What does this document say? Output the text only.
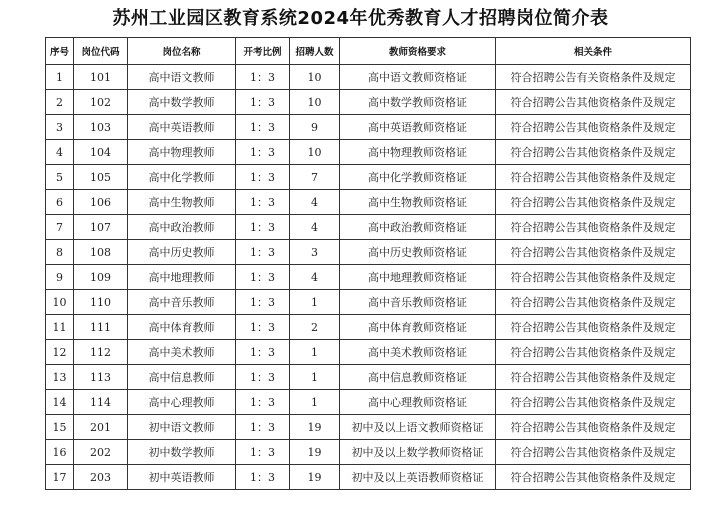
苏州工业园区教育系统2024年优秀教育人才招聘岗位简介表
序号	岗位代码	岗位名称	开考比例	招聘人数	教师资格要求	相关条件
1	101	高中语文教师	1：3	10	高中语文教师资格证	符合招聘公告有关资格条件及规定
2	102	高中数学教师	1：3	10	高中数学教师资格证	符合招聘公告其他资格条件及规定
3	103	高中英语教师	1：3	9	高中英语教师资格证	符合招聘公告其他资格条件及规定
4	104	高中物理教师	1：3	10	高中物理教师资格证	符合招聘公告其他资格条件及规定
5	105	高中化学教师	1：3	7	高中化学教师资格证	符合招聘公告其他资格条件及规定
6	106	高中生物教师	1：3	4	高中生物教师资格证	符合招聘公告其他资格条件及规定
7	107	高中政治教师	1：3	4	高中政治教师资格证	符合招聘公告其他资格条件及规定
8	108	高中历史教师	1：3	3	高中历史教师资格证	符合招聘公告其他资格条件及规定
9	109	高中地理教师	1：3	4	高中地理教师资格证	符合招聘公告其他资格条件及规定
10	110	高中音乐教师	1：3	1	高中音乐教师资格证	符合招聘公告其他资格条件及规定
11	111	高中体育教师	1：3	2	高中体育教师资格证	符合招聘公告其他资格条件及规定
12	112	高中美术教师	1：3	1	高中美术教师资格证	符合招聘公告其他资格条件及规定
13	113	高中信息教师	1：3	1	高中信息教师资格证	符合招聘公告其他资格条件及规定
14	114	高中心理教师	1：3	1	高中心理教师资格证	符合招聘公告其他资格条件及规定
15	201	初中语文教师	1：3	19	初中及以上语文教师资格证	符合招聘公告其他资格条件及规定
16	202	初中数学教师	1：3	19	初中及以上数学教师资格证	符合招聘公告其他资格条件及规定
17	203	初中英语教师	1：3	19	初中及以上英语教师资格证	符合招聘公告其他资格条件及规定
